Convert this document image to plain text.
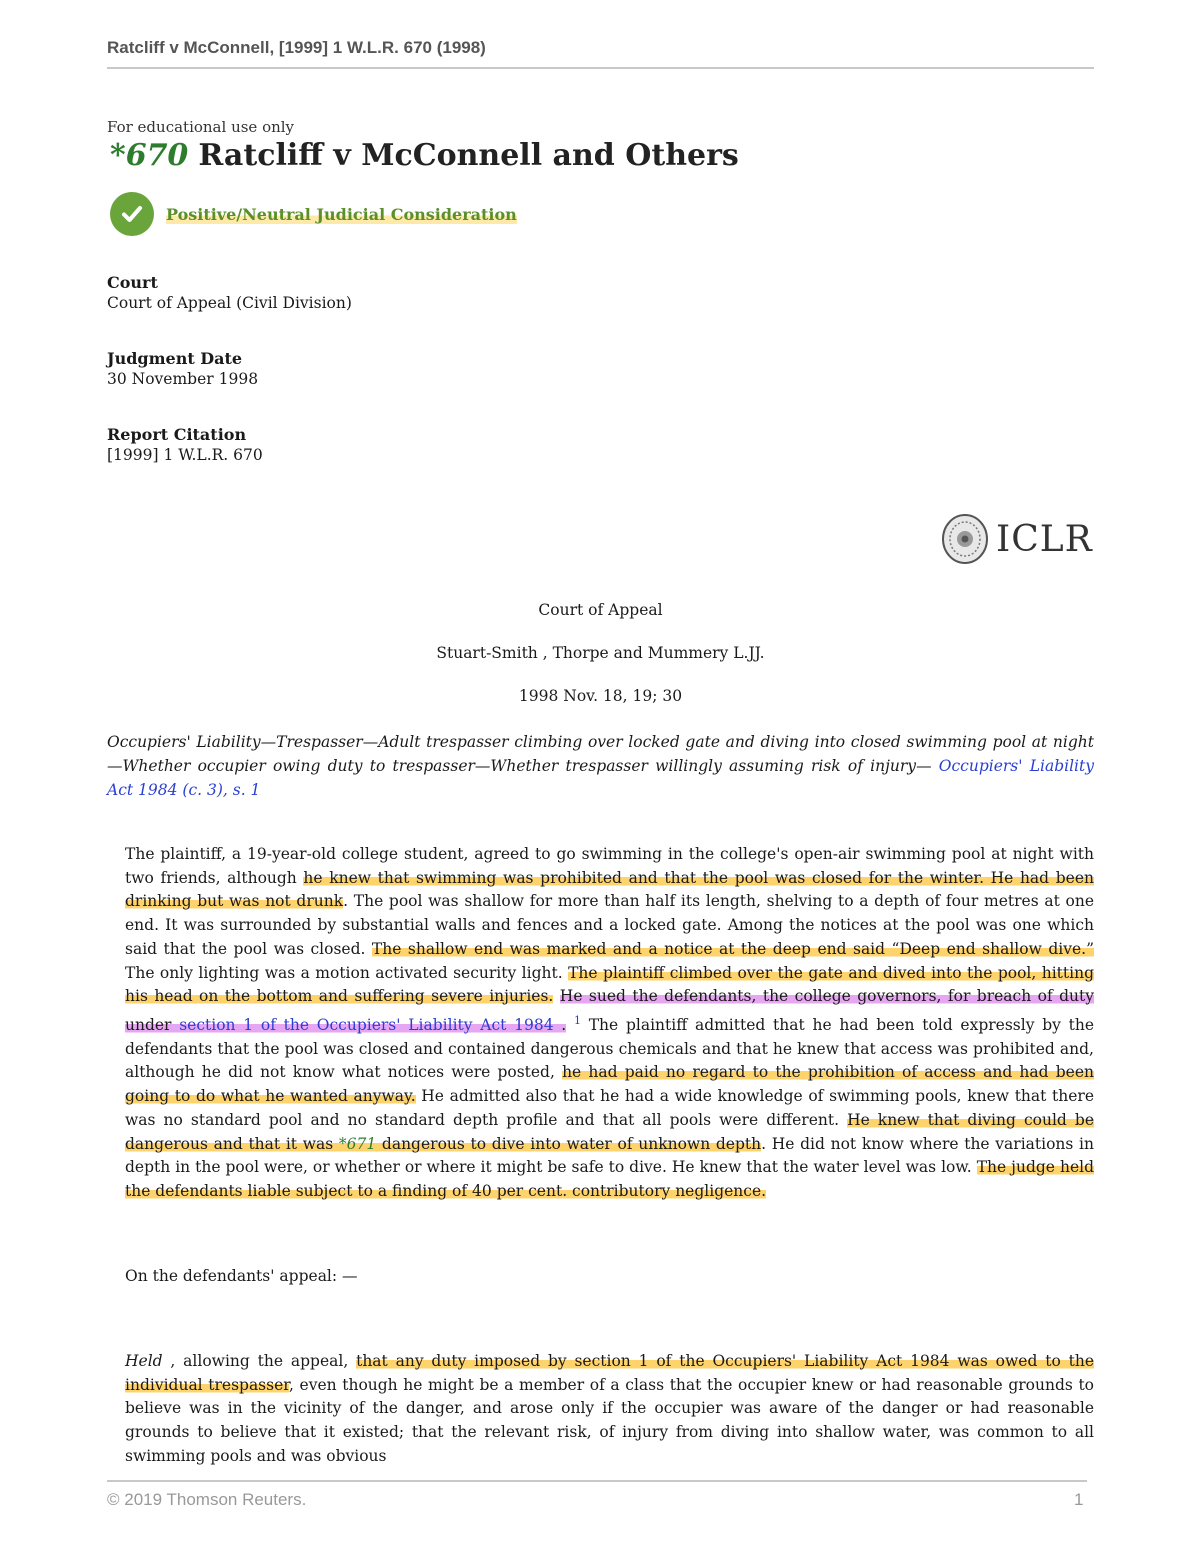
Ratcliff v McConnell, [1999] 1 W.L.R. 670 (1998)
For educational use only
*670 Ratcliff v McConnell and Others
Positive/Neutral Judicial Consideration
Court
Court of Appeal (Civil Division)
Judgment Date
30 November 1998
Report Citation
[1999] 1 W.L.R. 670
ICLR
Court of Appeal
Stuart-Smith , Thorpe and Mummery L.JJ.
1998 Nov. 18, 19; 30
Occupiers' Liability—Trespasser—Adult trespasser climbing over locked gate and diving into closed swimming pool at night —Whether occupier owing duty to trespasser—Whether trespasser willingly assuming risk of injury— Occupiers' Liability Act 1984 (c. 3), s. 1
The plaintiff, a 19-year-old college student, agreed to go swimming in the college's open-air swimming pool at night with two friends, although he knew that swimming was prohibited and that the pool was closed for the winter. He had been drinking but was not drunk. The pool was shallow for more than half its length, shelving to a depth of four metres at one end. It was surrounded by substantial walls and fences and a locked gate. Among the notices at the pool was one which said that the pool was closed. The shallow end was marked and a notice at the deep end said “Deep end shallow dive.” The only lighting was a motion activated security light. The plaintiff climbed over the gate and dived into the pool, hitting his head on the bottom and suffering severe injuries. He sued the defendants, the college governors, for breach of duty under section 1 of the Occupiers' Liability Act 1984 . $^1$ The plaintiff admitted that he had been told expressly by the defendants that the pool was closed and contained dangerous chemicals and that he knew that access was prohibited and, although he did not know what notices were posted, he had paid no regard to the prohibition of access and had been going to do what he wanted anyway. He admitted also that he had a wide knowledge of swimming pools, knew that there was no standard pool and no standard depth profile and that all pools were different. He knew that diving could be dangerous and that it was *671 dangerous to dive into water of unknown depth. He did not know where the variations in depth in the pool were, or whether or where it might be safe to dive. He knew that the water level was low. The judge held the defendants liable subject to a finding of 40 per cent. contributory negligence.
On the defendants' appeal: —
Held , allowing the appeal, that any duty imposed by section 1 of the Occupiers' Liability Act 1984 was owed to the individual trespasser, even though he might be a member of a class that the occupier knew or had reasonable grounds to believe was in the vicinity of the danger, and arose only if the occupier was aware of the danger or had reasonable grounds to believe that it existed; that the relevant risk, of injury from diving into shallow water, was common to all swimming pools and was obvious
© 2019 Thomson Reuters.	1
